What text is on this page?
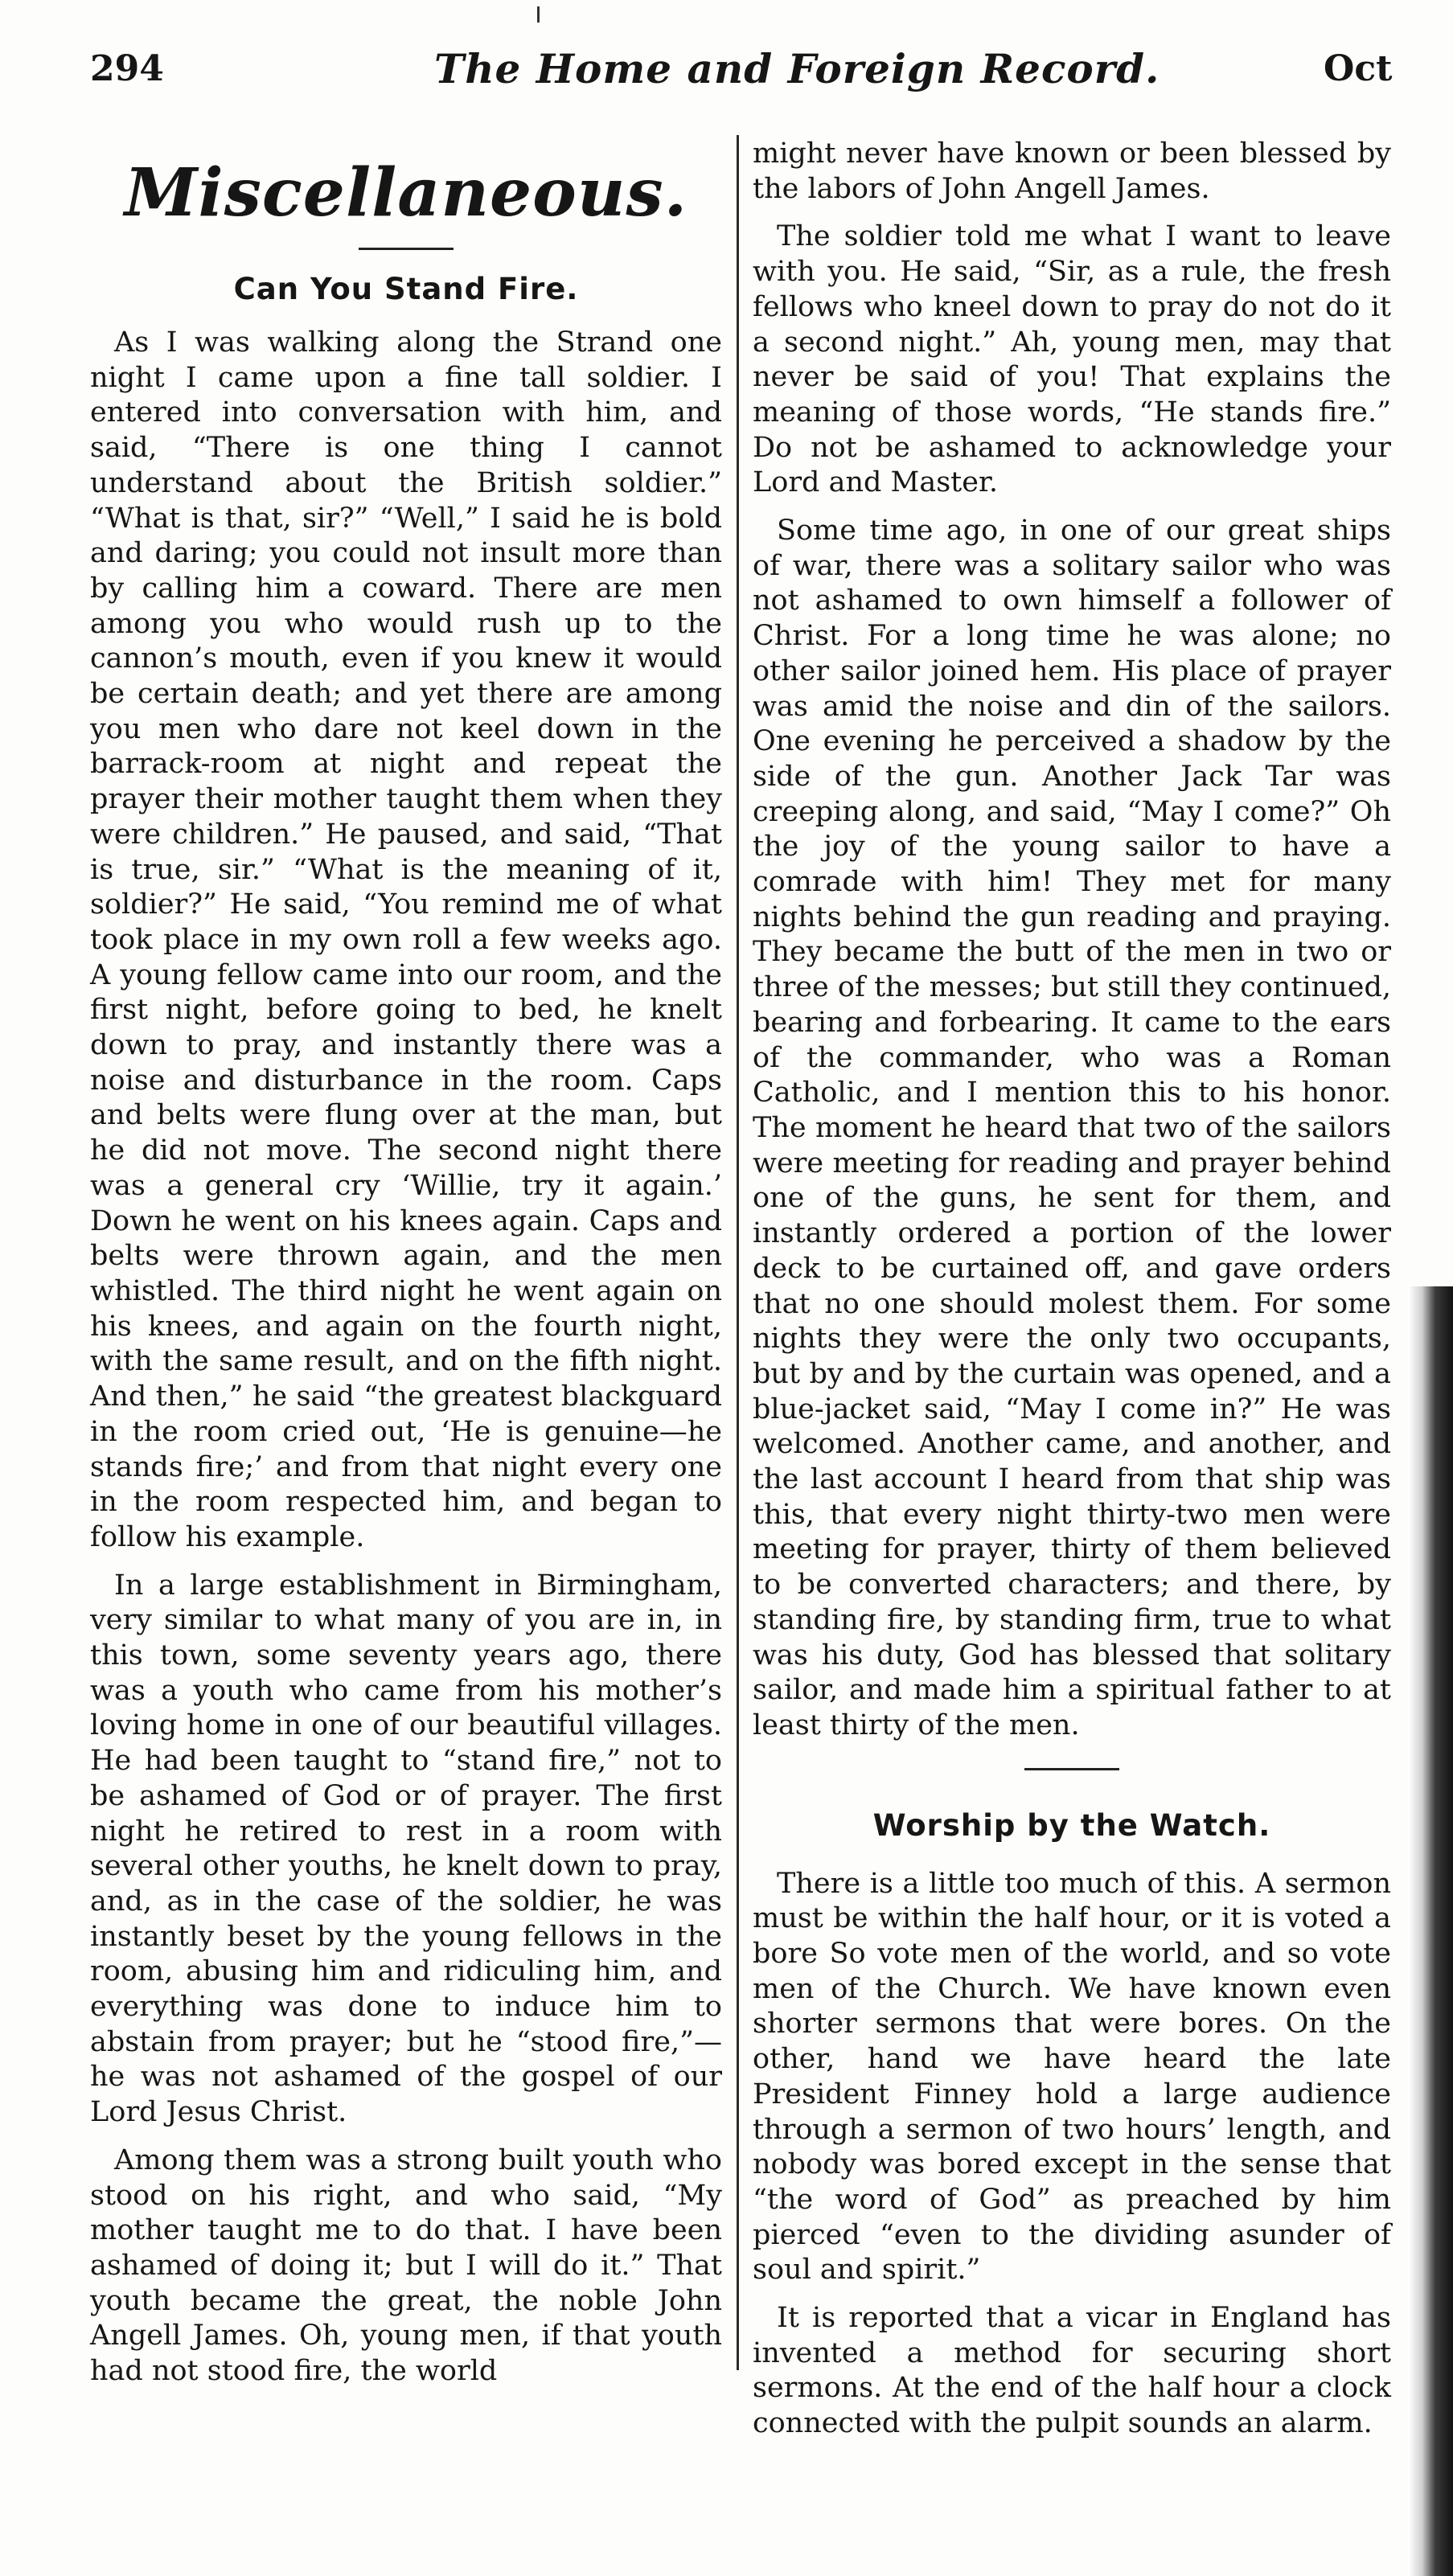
294	The Home and Foreign Record.	Oct
Miscellaneous.
Can You Stand Fire.

As I was walking along the Strand one night I came upon a fine tall soldier. I entered into conversation with him, and said, “There is one thing I cannot understand about the British soldier.” “What is that, sir?” “Well,” I said he is bold and daring; you could not insult more than by calling him a coward. There are men among you who would rush up to the cannon’s mouth, even if you knew it would be certain death; and yet there are among you men who dare not keel down in the barrack-room at night and repeat the prayer their mother taught them when they were children.” He paused, and said, “That is true, sir.” “What is the meaning of it, soldier?” He said, “You remind me of what took place in my own roll a few weeks ago. A young fellow came into our room, and the first night, before going to bed, he knelt down to pray, and instantly there was a noise and disturbance in the room. Caps and belts were flung over at the man, but he did not move. The second night there was a general cry ‘Willie, try it again.’ Down he went on his knees again. Caps and belts were thrown again, and the men whistled. The third night he went again on his knees, and again on the fourth night, with the same result, and on the fifth night. And then,” he said “the greatest blackguard in the room cried out, ‘He is genuine—he stands fire;’ and from that night every one in the room respected him, and began to follow his example.

In a large establishment in Birmingham, very similar to what many of you are in, in this town, some seventy years ago, there was a youth who came from his mother’s loving home in one of our beautiful villages. He had been taught to “stand fire,” not to be ashamed of God or of prayer. The first night he retired to rest in a room with several other youths, he knelt down to pray, and, as in the case of the soldier, he was instantly beset by the young fellows in the room, abusing him and ridiculing him, and everything was done to induce him to abstain from prayer; but he “stood fire,”—he was not ashamed of the gospel of our Lord Jesus Christ.

Among them was a strong built youth who stood on his right, and who said, “My mother taught me to do that. I have been ashamed of doing it; but I will do it.” That youth became the great, the noble John Angell James. Oh, young men, if that youth had not stood fire, the world

might never have known or been blessed by the labors of John Angell James.

The soldier told me what I want to leave with you. He said, “Sir, as a rule, the fresh fellows who kneel down to pray do not do it a second night.” Ah, young men, may that never be said of you! That explains the meaning of those words, “He stands fire.” Do not be ashamed to acknowledge your Lord and Master.

Some time ago, in one of our great ships of war, there was a solitary sailor who was not ashamed to own himself a follower of Christ. For a long time he was alone; no other sailor joined hem. His place of prayer was amid the noise and din of the sailors. One evening he perceived a shadow by the side of the gun. Another Jack Tar was creeping along, and said, “May I come?” Oh the joy of the young sailor to have a comrade with him! They met for many nights behind the gun reading and praying. They became the butt of the men in two or three of the messes; but still they continued, bearing and forbearing. It came to the ears of the commander, who was a Roman Catholic, and I mention this to his honor. The moment he heard that two of the sailors were meeting for reading and prayer behind one of the guns, he sent for them, and instantly ordered a portion of the lower deck to be curtained off, and gave orders that no one should molest them. For some nights they were the only two occupants, but by and by the curtain was opened, and a blue-jacket said, “May I come in?” He was welcomed. Another came, and another, and the last account I heard from that ship was this, that every night thirty-two men were meeting for prayer, thirty of them believed to be converted characters; and there, by standing fire, by standing firm, true to what was his duty, God has blessed that solitary sailor, and made him a spiritual father to at least thirty of the men.

Worship by the Watch.

There is a little too much of this. A sermon must be within the half hour, or it is voted a bore So vote men of the world, and so vote men of the Church. We have known even shorter sermons that were bores. On the other, hand we have heard the late President Finney hold a large audience through a sermon of two hours’ length, and nobody was bored except in the sense that “the word of God” as preached by him pierced “even to the dividing asunder of soul and spirit.”

It is reported that a vicar in England has invented a method for securing short sermons. At the end of the half hour a clock connected with the pulpit sounds an alarm.
